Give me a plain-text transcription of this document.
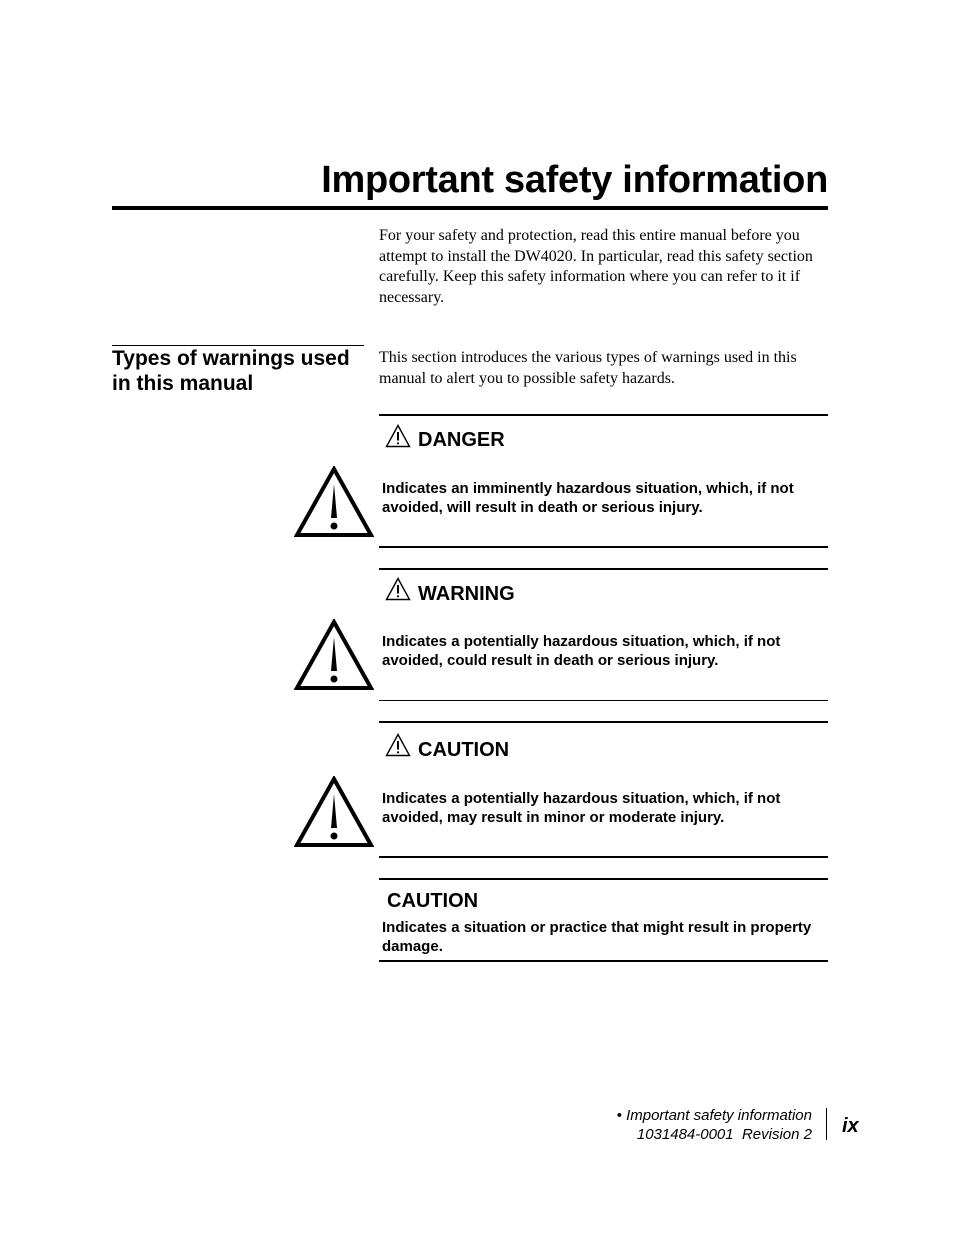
Important safety information
For your safety and protection, read this entire manual before you attempt to install the DW4020. In particular, read this safety section carefully. Keep this safety information where you can refer to it if necessary.
Types of warnings used in this manual
This section introduces the various types of warnings used in this manual to alert you to possible safety hazards.
DANGER
Indicates an imminently hazardous situation, which, if not avoided, will result in death or serious injury.
WARNING
Indicates a potentially hazardous situation, which, if not avoided, could result in death or serious injury.
CAUTION
Indicates a potentially hazardous situation, which, if not avoided, may result in minor or moderate injury.
CAUTION
Indicates a situation or practice that might result in property damage.
• Important safety information
1031484-0001  Revision 2 ix
